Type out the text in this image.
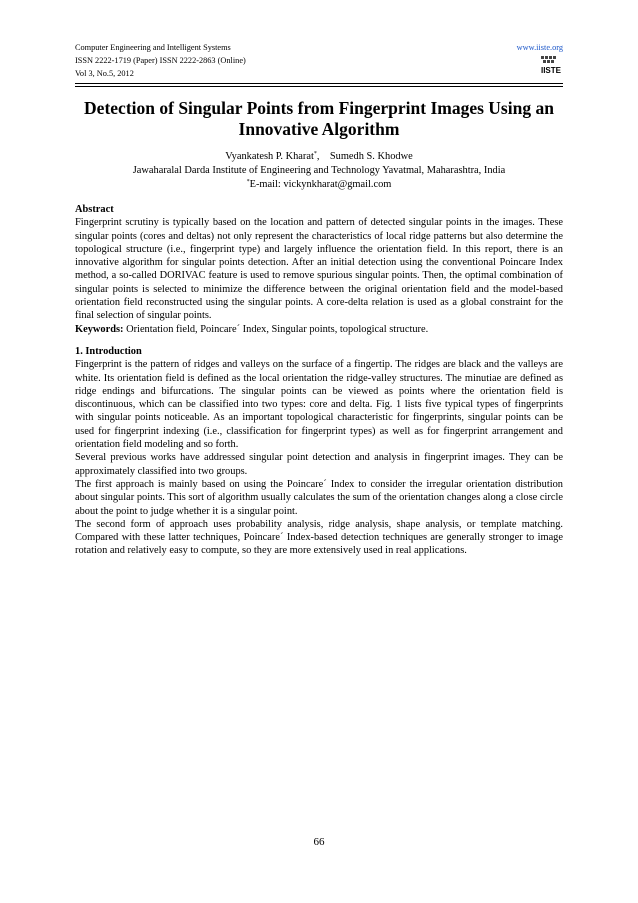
Computer Engineering and Intelligent Systems
ISSN 2222-1719 (Paper) ISSN 2222-2863 (Online)
Vol 3, No.5, 2012
www.iiste.org
IISTE
Detection of Singular Points from Fingerprint Images Using an
Innovative Algorithm
Vyankatesh P. Kharat*,    Sumedh S. Khodwe
Jawaharalal Darda Institute of Engineering and Technology Yavatmal, Maharashtra, India
*E-mail: vickynkharat@gmail.com

Abstract

Fingerprint scrutiny is typically based on the location and pattern of detected singular points in the images. These singular points (cores and deltas) not only represent the characteristics of local ridge patterns but also determine the topological structure (i.e., fingerprint type) and largely influence the orientation field. In this report, there is an innovative algorithm for singular points detection. After an initial detection using the conventional Poincare Index method, a so-called DORIVAC feature is used to remove spurious singular points. Then, the optimal combination of singular points is selected to minimize the difference between the original orientation field and the model-based orientation field reconstructed using the singular points. A core-delta relation is used as a global constraint for the final selection of singular points.

Keywords: Orientation field, Poincare´ Index, Singular points, topological structure.

1. Introduction

Fingerprint is the pattern of ridges and valleys on the surface of a fingertip. The ridges are black and the valleys are white. Its orientation field is defined as the local orientation the ridge-valley structures. The minutiae are defined as ridge endings and bifurcations. The singular points can be viewed as points where the orientation field is discontinuous, which can be classified into two types: core and delta. Fig. 1 lists five typical types of fingerprints with singular points noticeable. As an important topological characteristic for fingerprints, singular points can be used for fingerprint indexing (i.e., classification for fingerprint types) as well as for fingerprint arrangement and orientation field modeling and so forth.

Several previous works have addressed singular point detection and analysis in fingerprint images. They can be approximately classified into two groups.

The first approach is mainly based on using the Poincare´ Index to consider the irregular orientation distribution about singular points. This sort of algorithm usually calculates the sum of the orientation changes along a close circle about the point to judge whether it is a singular point.

The second form of approach uses probability analysis, ridge analysis, shape analysis, or template matching. Compared with these latter techniques, Poincare´ Index-based detection techniques are generally stronger to image rotation and relatively easy to compute, so they are more extensively used in real applications.

66
